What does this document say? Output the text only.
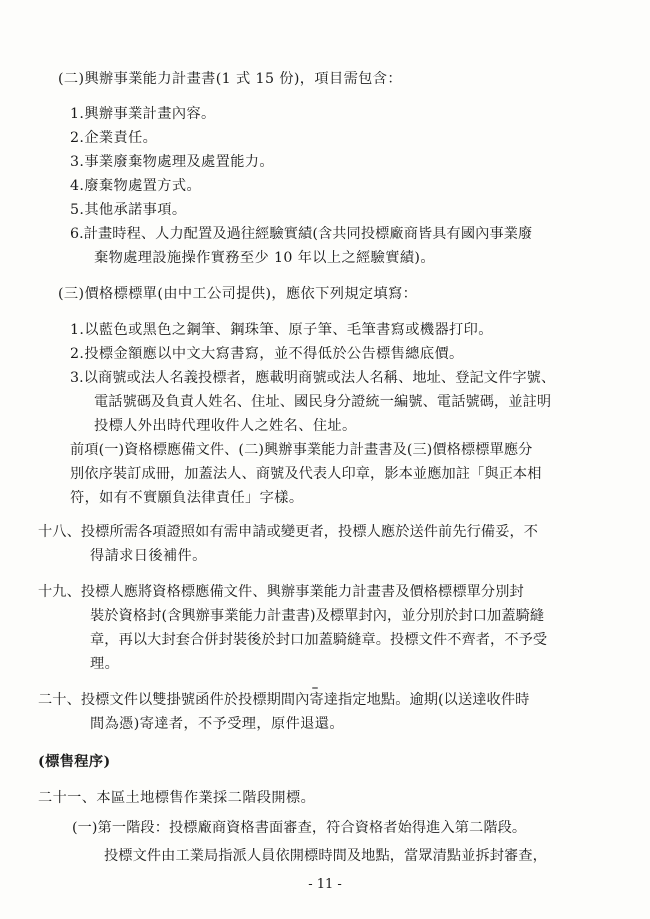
(二)興辦事業能力計畫書(1 式 15 份)，項目需包含：
1.興辦事業計畫內容。
2.企業責任。
3.事業廢棄物處理及處置能力。
4.廢棄物處置方式。
5.其他承諾事項。
6.計畫時程、人力配置及過往經驗實績(含共同投標廠商皆具有國內事業廢
棄物處理設施操作實務至少 10 年以上之經驗實績)。
(三)價格標標單(由中工公司提供)，應依下列規定填寫：
1.以藍色或黑色之鋼筆、鋼珠筆、原子筆、毛筆書寫或機器打印。
2.投標金額應以中文大寫書寫，並不得低於公告標售總底價。
3.以商號或法人名義投標者，應載明商號或法人名稱、地址、登記文件字號、
電話號碼及負責人姓名、住址、國民身分證統一編號、電話號碼，並註明
投標人外出時代理收件人之姓名、住址。
前項(一)資格標應備文件、(二)興辦事業能力計畫書及(三)價格標標單應分
別依序裝訂成冊，加蓋法人、商號及代表人印章，影本並應加註「與正本相
符，如有不實願負法律責任」字樣。
十八、投標所需各項證照如有需申請或變更者，投標人應於送件前先行備妥，不
得請求日後補件。
十九、投標人應將資格標應備文件、興辦事業能力計畫書及價格標標單分別封
裝於資格封(含興辦事業能力計畫書)及標單封內，並分別於封口加蓋騎縫
章，再以大封套合併封裝後於封口加蓋騎縫章。投標文件不齊者，不予受
理。
二十、投標文件以雙掛號函件於投標期間內寄達指定地點。逾期(以送達收件時
間為憑)寄達者，不予受理，原件退還。
(標售程序)
二十一、本區土地標售作業採二階段開標。
(一)第一階段：投標廠商資格書面審查，符合資格者始得進入第二階段。
投標文件由工業局指派人員依開標時間及地點，當眾清點並拆封審查，
- 11 -
